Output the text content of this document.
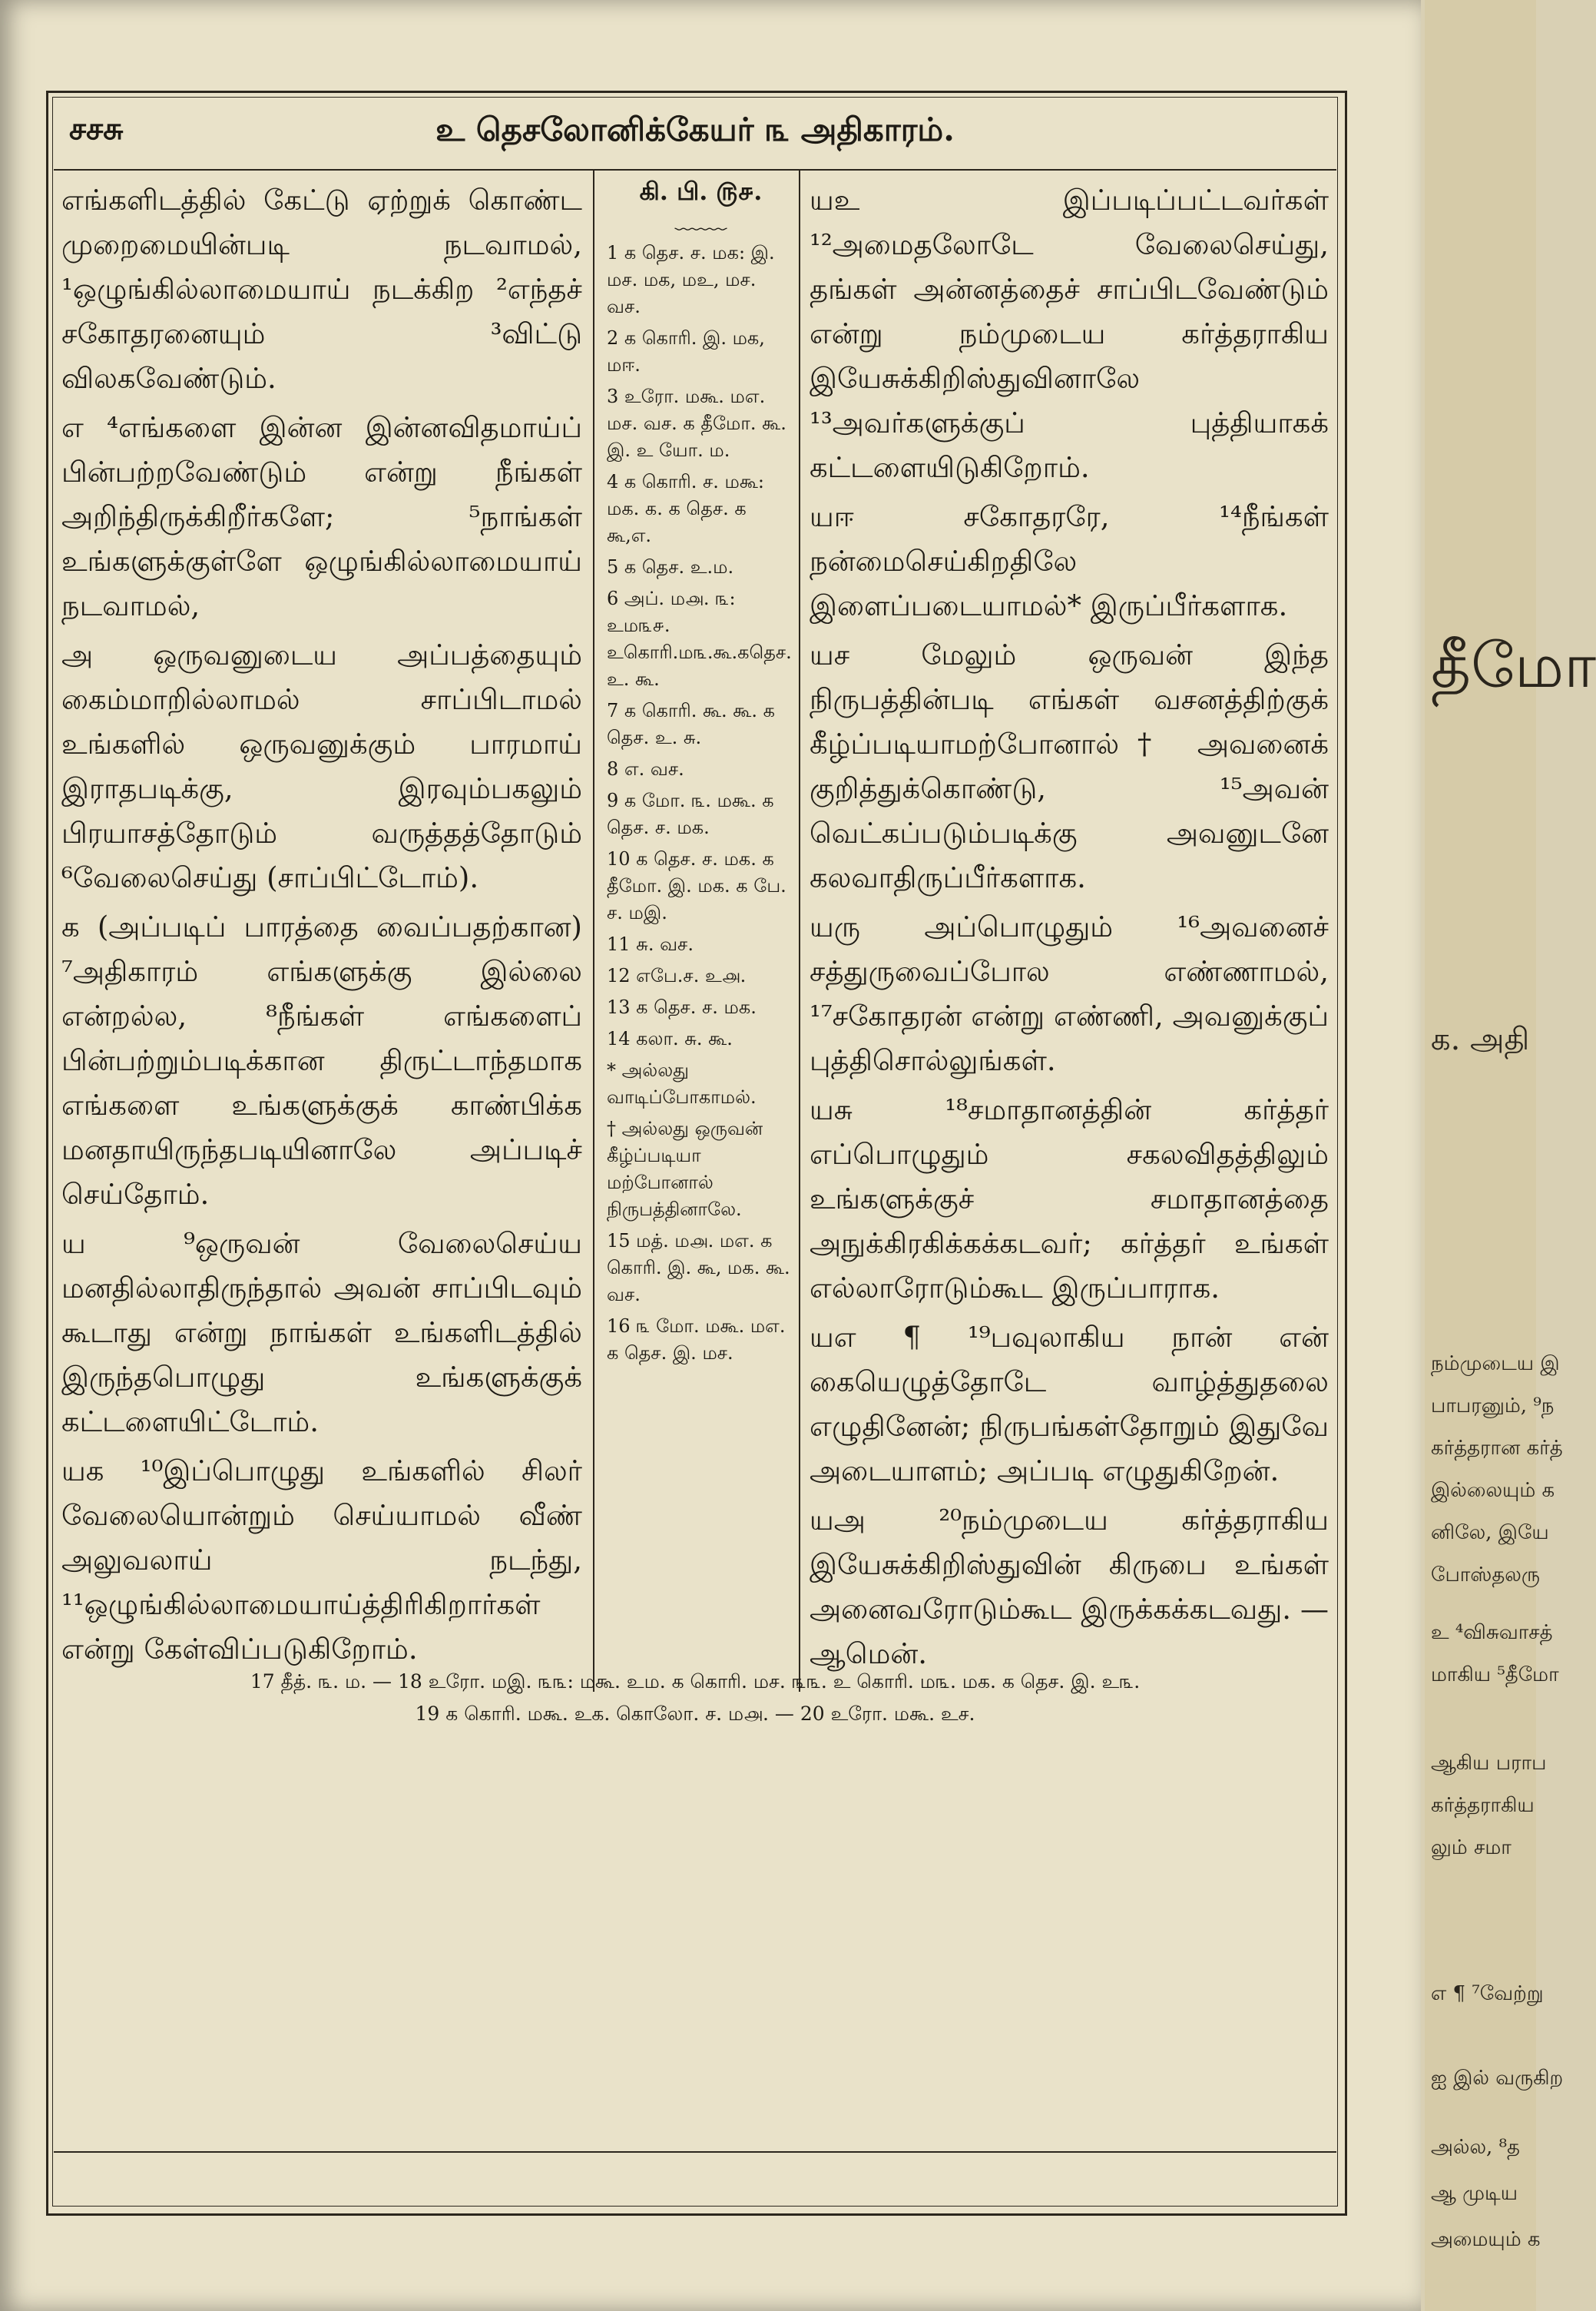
தீமோ
க. அதி
நம்முடைய இ
பாபரனும், ⁹ந
கர்த்தரான கர்த்
இல்லையும் க
னிலே, இயே
போஸ்தலரு
உ ⁴விசுவாசத்
மாகிய ⁵தீமோ
ஆகிய பராப
கர்த்தராகிய
லும் சமா
எ ¶ ⁷வேற்று
ஐ இல் வருகிற
அல்ல, ⁸த
ஆ முடிய
அமையும் க
சசசு	உ தெசலோனிக்கேயர் ௩ அதிகாரம்.

எங்களிடத்தில் கேட்டு ஏற்றுக் கொண்ட முறைமையின்படி நடவாமல், ¹ஒழுங்கில்லாமையாய் நடக்கிற ²எந்தச் சகோதரனையும் ³விட்டு விலகவேண்டும்.

எ ⁴எங்களை இன்ன இன்னவிதமாய்ப் பின்பற்றவேண்டும் என்று நீங்கள் அறிந்திருக்கிறீர்களே; ⁵நாங்கள் உங்களுக்குள்ளே ஒழுங்கில்லாமையாய் நடவாமல்,

அ ஒருவனுடைய அப்பத்தையும் கைம்மாறில்லாமல் சாப்பிடாமல் உங்களில் ஒருவனுக்கும் பாரமாய் இராதபடிக்கு, இரவும்பகலும் பிரயாசத்தோடும் வருத்தத்தோடும் ⁶வேலைசெய்து (சாப்பிட்டோம்).

க (அப்படிப் பாரத்தை வைப்பதற்கான) ⁷அதிகாரம் எங்களுக்கு இல்லை என்றல்ல, ⁸நீங்கள் எங்களைப் பின்பற்றும்படிக்கான திருட்டாந்தமாக எங்களை உங்களுக்குக் காண்பிக்க மனதாயிருந்தபடியினாலே அப்படிச் செய்தோம்.

ய ⁹ஒருவன் வேலைசெய்ய மனதில்லாதிருந்தால் அவன் சாப்பிடவும் கூடாது என்று நாங்கள் உங்களிடத்தில் இருந்தபொழுது உங்களுக்குக் கட்டளையிட்டோம்.

யக ¹⁰இப்பொழுது உங்களில் சிலர் வேலையொன்றும் செய்யாமல் வீண் அலுவலாய் நடந்து, ¹¹ஒழுங்கில்லாமையாய்த்திரிகிறார்கள் என்று கேள்விப்படுகிறோம்.

கி. பி. ௫௪.
﹏﹏

1 க தெச. ச. மக: இ. மச. மக, மஉ, மச. வச.

2 க கொரி. இ. மக, மஈ.

3 உரோ. மகூ. மஎ. மச. வச. க தீமோ. கூ. இ. உ யோ. ம.

4 க கொரி. ச. மகூ: மக. க. க தெச. க கூ,எ.

5 க தெச. உ.ம.

6 அப். ம௮. ௩: உம௩௪. உகொரி.ம௩.கூ.கதெச. உ. கூ.

7 க கொரி. கூ. கூ. க தெச. உ. சு.

8 எ. வச.

9 க மோ. ௩. மகூ. க தெச. ச. மக.

10 க தெச. ச. மக. க தீமோ. இ. மக. க பே. ச. மஇ.

11 சு. வச.

12 எபே.ச. உ௮.

13 க தெச. ச. மக.

14 கலா. சு. கூ.

* அல்லது வாடிப்போகாமல்.

† அல்லது ஒருவன் கீழ்ப்படியா மற்போனால் நிருபத்தினாலே.

15 மத். ம௮. மஎ. க கொரி. இ. கூ, மக. கூ. வச.

16 ௩ மோ. மகூ. மஎ. க தெச. இ. மச.

யஉ இப்படிப்பட்டவர்கள் ¹²அமைதலோடே வேலைசெய்து, தங்கள் அன்னத்தைச் சாப்பிடவேண்டும் என்று நம்முடைய கர்த்தராகிய இயேசுக்கிறிஸ்துவினாலே ¹³அவர்களுக்குப் புத்தியாகக் கட்டளையிடுகிறோம்.

யஈ சகோதரரே, ¹⁴நீங்கள் நன்மைசெய்கிறதிலே இளைப்படையாமல்* இருப்பீர்களாக.

யச மேலும் ஒருவன் இந்த நிருபத்தின்படி எங்கள் வசனத்திற்குக் கீழ்ப்படியாமற்போனால்† அவனைக் குறித்துக்கொண்டு, ¹⁵அவன் வெட்கப்படும்படிக்கு அவனுடனே கலவாதிருப்பீர்களாக.

யரு அப்பொழுதும் ¹⁶அவனைச் சத்துருவைப்போல எண்ணாமல், ¹⁷சகோதரன் என்று எண்ணி, அவனுக்குப் புத்திசொல்லுங்கள்.

யசு ¹⁸சமாதானத்தின் கர்த்தர் எப்பொழுதும் சகலவிதத்திலும் உங்களுக்குச் சமாதானத்தை அநுக்கிரகிக்கக்கடவர்; கர்த்தர் உங்கள் எல்லாரோடும்கூட இருப்பாராக.

யஎ ¶ ¹⁹பவுலாகிய நான் என் கையெழுத்தோடே வாழ்த்துதலை எழுதினேன்; நிருபங்கள்தோறும் இதுவே அடையாளம்; அப்படி எழுதுகிறேன்.

யஅ ²⁰நம்முடைய கர்த்தராகிய இயேசுக்கிறிஸ்துவின் கிருபை உங்கள் அனைவரோடும்கூட இருக்கக்கடவது. — ஆமென்.

17 தீத். ௩. ம. — 18 உரோ. மஇ. ௩௩: மகூ. உம. க கொரி. மச. ௩௩. உ கொரி. ம௩. மக. க தெச. இ. உ௩.
19 க கொரி. மகூ. உக. கொலோ. ச. ம௮. — 20 உரோ. மகூ. உச.
